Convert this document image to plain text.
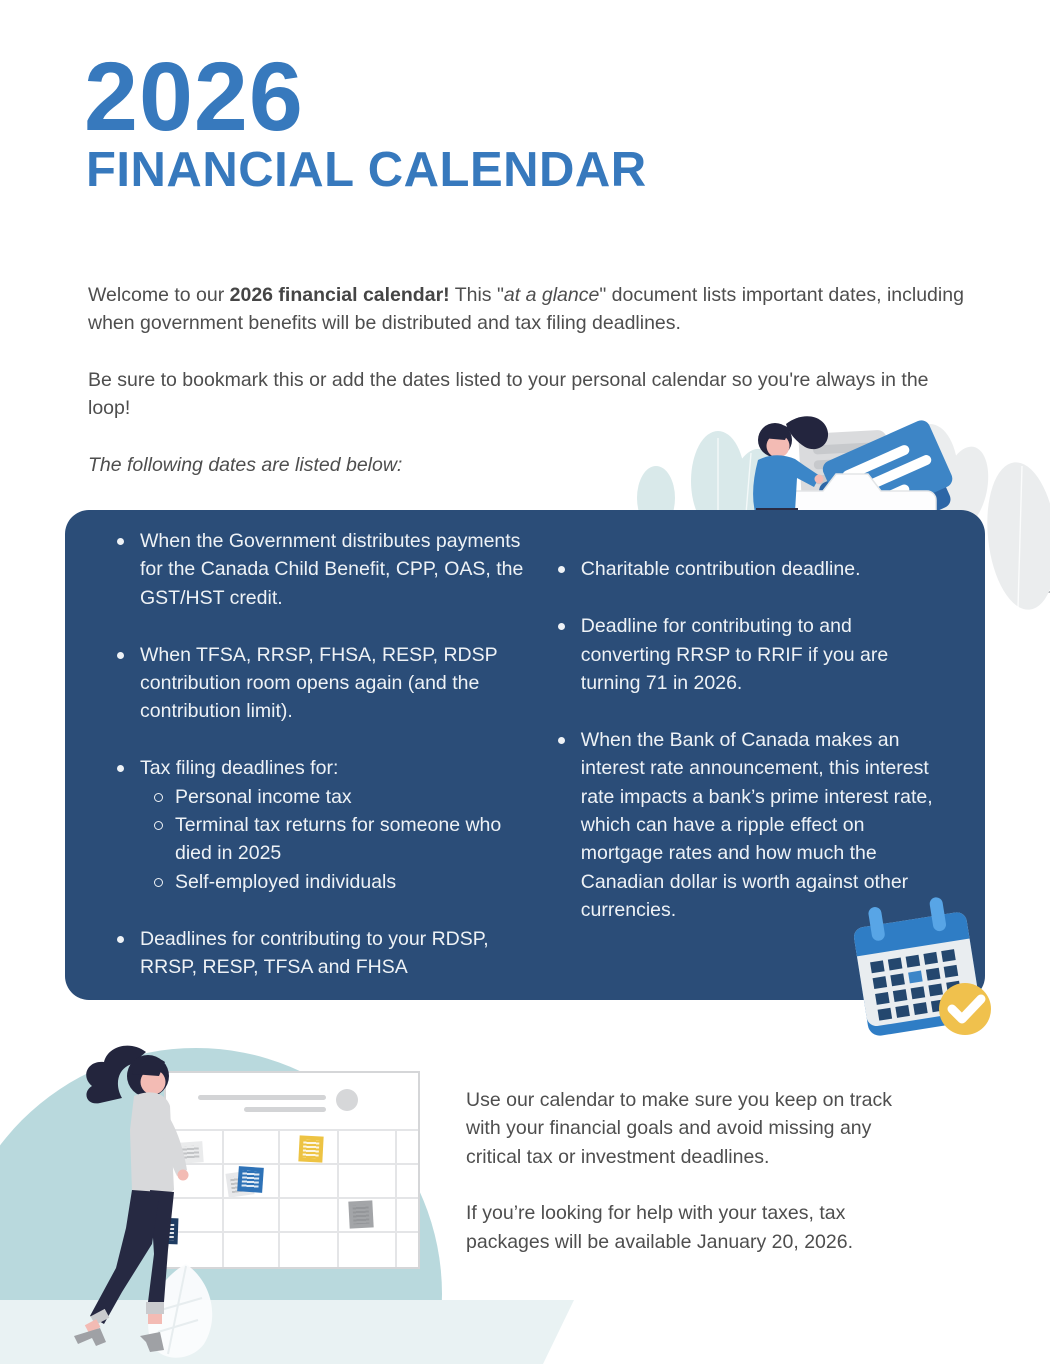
2026
FINANCIAL CALENDAR

Welcome to our 2026 financial calendar! This "at a glance" document lists important dates, including when government benefits will be distributed and tax filing deadlines.

Be sure to bookmark this or add the dates listed to your personal calendar so you're always in the loop!

The following dates are listed below:

When the Government distributes payments for the Canada Child Benefit, CPP, OAS, the GST/HST credit.
When TFSA, RRSP, FHSA, RESP, RDSP contribution room opens again (and the contribution limit).
Tax filing deadlines for:
Personal income tax
Terminal tax returns for someone who died in 2025
Self-employed individuals
Deadlines for contributing to your RDSP, RRSP, RESP, TFSA and FHSA
Charitable contribution deadline.
Deadline for contributing to and converting RRSP to RRIF if you are turning 71 in 2026.
When the Bank of Canada makes an interest rate announcement, this interest rate impacts a bank’s prime interest rate, which can have a ripple effect on mortgage rates and how much the Canadian dollar is worth against other currencies.

Use our calendar to make sure you keep on track with your financial goals and avoid missing any critical tax or investment deadlines.

If you’re looking for help with your taxes, tax packages will be available January 20, 2026.
